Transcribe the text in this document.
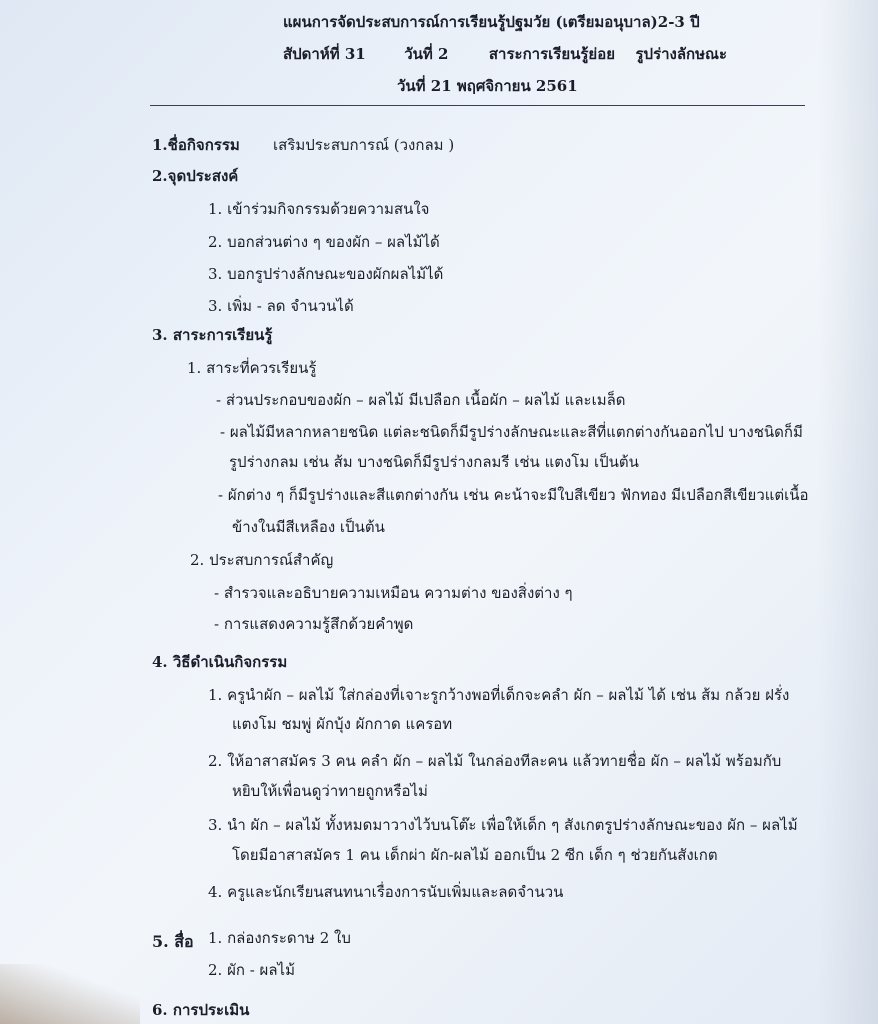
แผนการจัดประสบการณ์การเรียนรู้ปฐมวัย (เตรียมอนุบาล)2-3 ปี
สัปดาห์ที่ 31	วันที่ 2	สาระการเรียนรู้ย่อย รูปร่างลักษณะ
วันที่ 21 พฤศจิกายน 2561
1.ชื่อกิจกรรม เสริมประสบการณ์ (วงกลม )
2.จุดประสงค์
1. เข้าร่วมกิจกรรมด้วยความสนใจ
2. บอกส่วนต่าง ๆ ของผัก – ผลไม้ได้
3. บอกรูปร่างลักษณะของผักผลไม้ได้
3. เพิ่ม - ลด จำนวนได้
3. สาระการเรียนรู้
1. สาระที่ควรเรียนรู้
- ส่วนประกอบของผัก – ผลไม้ มีเปลือก เนื้อผัก – ผลไม้ และเมล็ด
- ผลไม้มีหลากหลายชนิด แต่ละชนิดก็มีรูปร่างลักษณะและสีที่แตกต่างกันออกไป บางชนิดก็มี
รูปร่างกลม เช่น ส้ม บางชนิดก็มีรูปร่างกลมรี เช่น แตงโม เป็นต้น
- ผักต่าง ๆ ก็มีรูปร่างและสีแตกต่างกัน เช่น คะน้าจะมีใบสีเขียว ฟักทอง มีเปลือกสีเขียวแต่เนื้อ
ข้างในมีสีเหลือง เป็นต้น
2. ประสบการณ์สำคัญ
- สำรวจและอธิบายความเหมือน ความต่าง ของสิ่งต่าง ๆ
- การแสดงความรู้สึกด้วยคำพูด
4. วิธีดำเนินกิจกรรม
1. ครูนำผัก – ผลไม้ ใส่กล่องที่เจาะรูกว้างพอที่เด็กจะคลำ ผัก – ผลไม้ ได้ เช่น ส้ม กล้วย ฝรั่ง
แตงโม ชมพู่ ผักบุ้ง ผักกาด แครอท
2. ให้อาสาสมัคร 3 คน คลำ ผัก – ผลไม้ ในกล่องทีละคน แล้วทายชื่อ ผัก – ผลไม้ พร้อมกับ
หยิบให้เพื่อนดูว่าทายถูกหรือไม่
3. นำ ผัก – ผลไม้ ทั้งหมดมาวางไว้บนโต๊ะ เพื่อให้เด็ก ๆ สังเกตรูปร่างลักษณะของ ผัก – ผลไม้
โดยมีอาสาสมัคร 1 คน เด็กผ่า ผัก-ผลไม้ ออกเป็น 2 ซีก เด็ก ๆ ช่วยกันสังเกต
4. ครูและนักเรียนสนทนาเรื่องการนับเพิ่มและลดจำนวน
5. สื่อ 1. กล่องกระดาษ 2 ใบ
2. ผัก - ผลไม้
6. การประเมิน
